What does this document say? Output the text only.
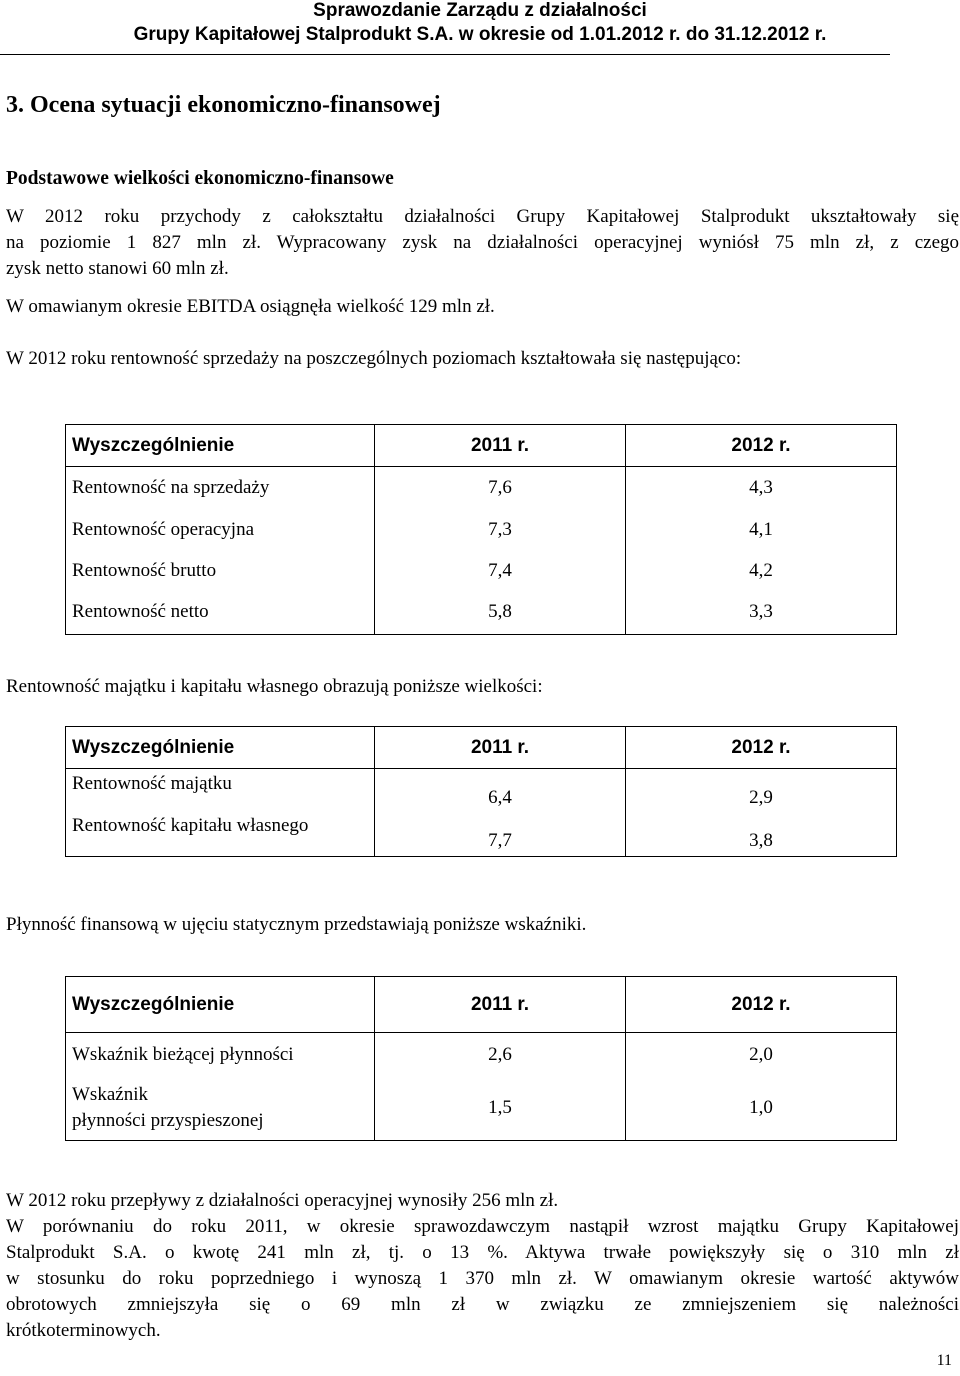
Sprawozdanie Zarządu z działalności
Grupy Kapitałowej Stalprodukt S.A. w okresie od 1.01.2012 r. do 31.12.2012 r.
3. Ocena sytuacji ekonomiczno-finansowej
Podstawowe wielkości ekonomiczno-finansowe
W 2012 roku przychody z całokształtu działalności Grupy Kapitałowej Stalprodukt ukształtowały się
na poziomie 1 827 mln zł. Wypracowany zysk na działalności operacyjnej wyniósł 75 mln zł, z czego
zysk netto stanowi 60 mln zł.
W omawianym okresie EBITDA osiągnęła wielkość 129 mln zł.
W 2012 roku rentowność sprzedaży na poszczególnych poziomach kształtowała się następująco:
Wyszczególnienie	2011 r.	2012 r.
Rentowność na sprzedaży	7,6	4,3
Rentowność operacyjna	7,3	4,1
Rentowność brutto	7,4	4,2
Rentowność netto	5,8	3,3
Rentowność majątku i kapitału własnego obrazują poniższe wielkości:
Wyszczególnienie	2011 r.	2012 r.
Rentowność majątku	6,4	2,9
Rentowność kapitału własnego	7,7	3,8
Płynność finansową w ujęciu statycznym przedstawiają poniższe wskaźniki.
Wyszczególnienie	2011 r.	2012 r.
Wskaźnik bieżącej płynności	2,6	2,0
Wskaźnik
płynności przyspieszonej	1,5	1,0
W 2012 roku przepływy z działalności operacyjnej wynosiły 256 mln zł.
W porównaniu do roku 2011, w okresie sprawozdawczym nastąpił wzrost majątku Grupy Kapitałowej
Stalprodukt S.A. o kwotę 241 mln zł, tj. o 13 %. Aktywa trwałe powiększyły się o 310 mln zł
w stosunku do roku poprzedniego i wynoszą 1 370 mln zł. W omawianym okresie wartość aktywów
obrotowych zmniejszyła się o 69 mln zł w związku ze zmniejszeniem się należności
krótkoterminowych.
11
